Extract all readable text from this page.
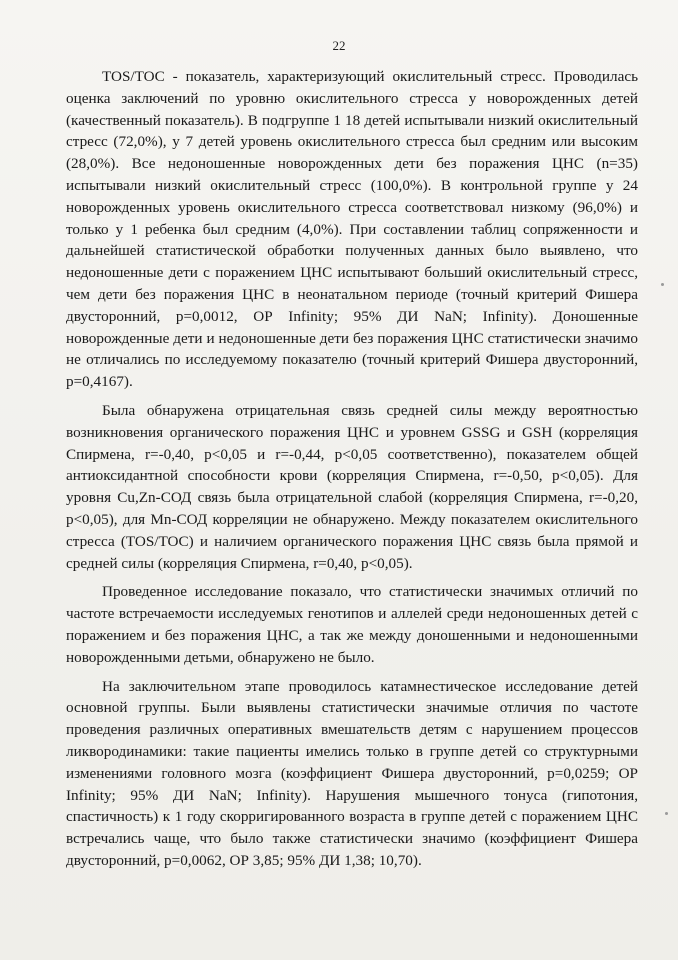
22

TOS/TOC - показатель, характеризующий окислительный стресс. Проводилась оценка заключений по уровню окислительного стресса у новорожденных детей (качественный показатель). В подгруппе 1 18 детей испытывали низкий окислительный стресс (72,0%), у 7 детей уровень окислительного стресса был средним или высоким (28,0%). Все недоношенные новорожденных дети без поражения ЦНС (n=35) испытывали низкий окислительный стресс (100,0%). В контрольной группе у 24 новорожденных уровень окислительного стресса соответствовал низкому (96,0%) и только у 1 ребенка был средним (4,0%). При составлении таблиц сопряженности и дальнейшей статистической обработки полученных данных было выявлено, что недоношенные дети с поражением ЦНС испытывают больший окислительный стресс, чем дети без поражения ЦНС в неонатальном периоде (точный критерий Фишера двусторонний, p=0,0012, ОР Infinity; 95% ДИ NaN; Infinity). Доношенные новорожденные дети и недоношенные дети без поражения ЦНС статистически значимо не отличались по исследуемому показателю (точный критерий Фишера двусторонний, p=0,4167).

Была обнаружена отрицательная связь средней силы между вероятностью возникновения органического поражения ЦНС и уровнем GSSG и GSH (корреляция Спирмена, r=-0,40, p<0,05 и r=-0,44, p<0,05 соответственно), показателем общей антиоксидантной способности крови (корреляция Спирмена, r=-0,50, p<0,05). Для уровня Cu,Zn-СОД связь была отрицательной слабой (корреляция Спирмена, r=-0,20, p<0,05), для Mn-СОД корреляции не обнаружено. Между показателем окислительного стресса (TOS/TOC) и наличием органического поражения ЦНС связь была прямой и средней силы (корреляция Спирмена, r=0,40, p<0,05).

Проведенное исследование показало, что статистически значимых отличий по частоте встречаемости исследуемых генотипов и аллелей среди недоношенных детей с поражением и без поражения ЦНС, а так же между доношенными и недоношенными новорожденными детьми, обнаружено не было.

На заключительном этапе проводилось катамнестическое исследование детей основной группы. Были выявлены статистически значимые отличия по частоте проведения различных оперативных вмешательств детям с нарушением процессов ликвородинамики: такие пациенты имелись только в группе детей со структурными изменениями головного мозга (коэффициент Фишера двусторонний, p=0,0259; ОР Infinity; 95% ДИ NaN; Infinity). Нарушения мышечного тонуса (гипотония, спастичность) к 1 году скорригированного возраста в группе детей с поражением ЦНС встречались чаще, что было также статистически значимо (коэффициент Фишера двусторонний, p=0,0062, ОР 3,85; 95% ДИ 1,38; 10,70).
